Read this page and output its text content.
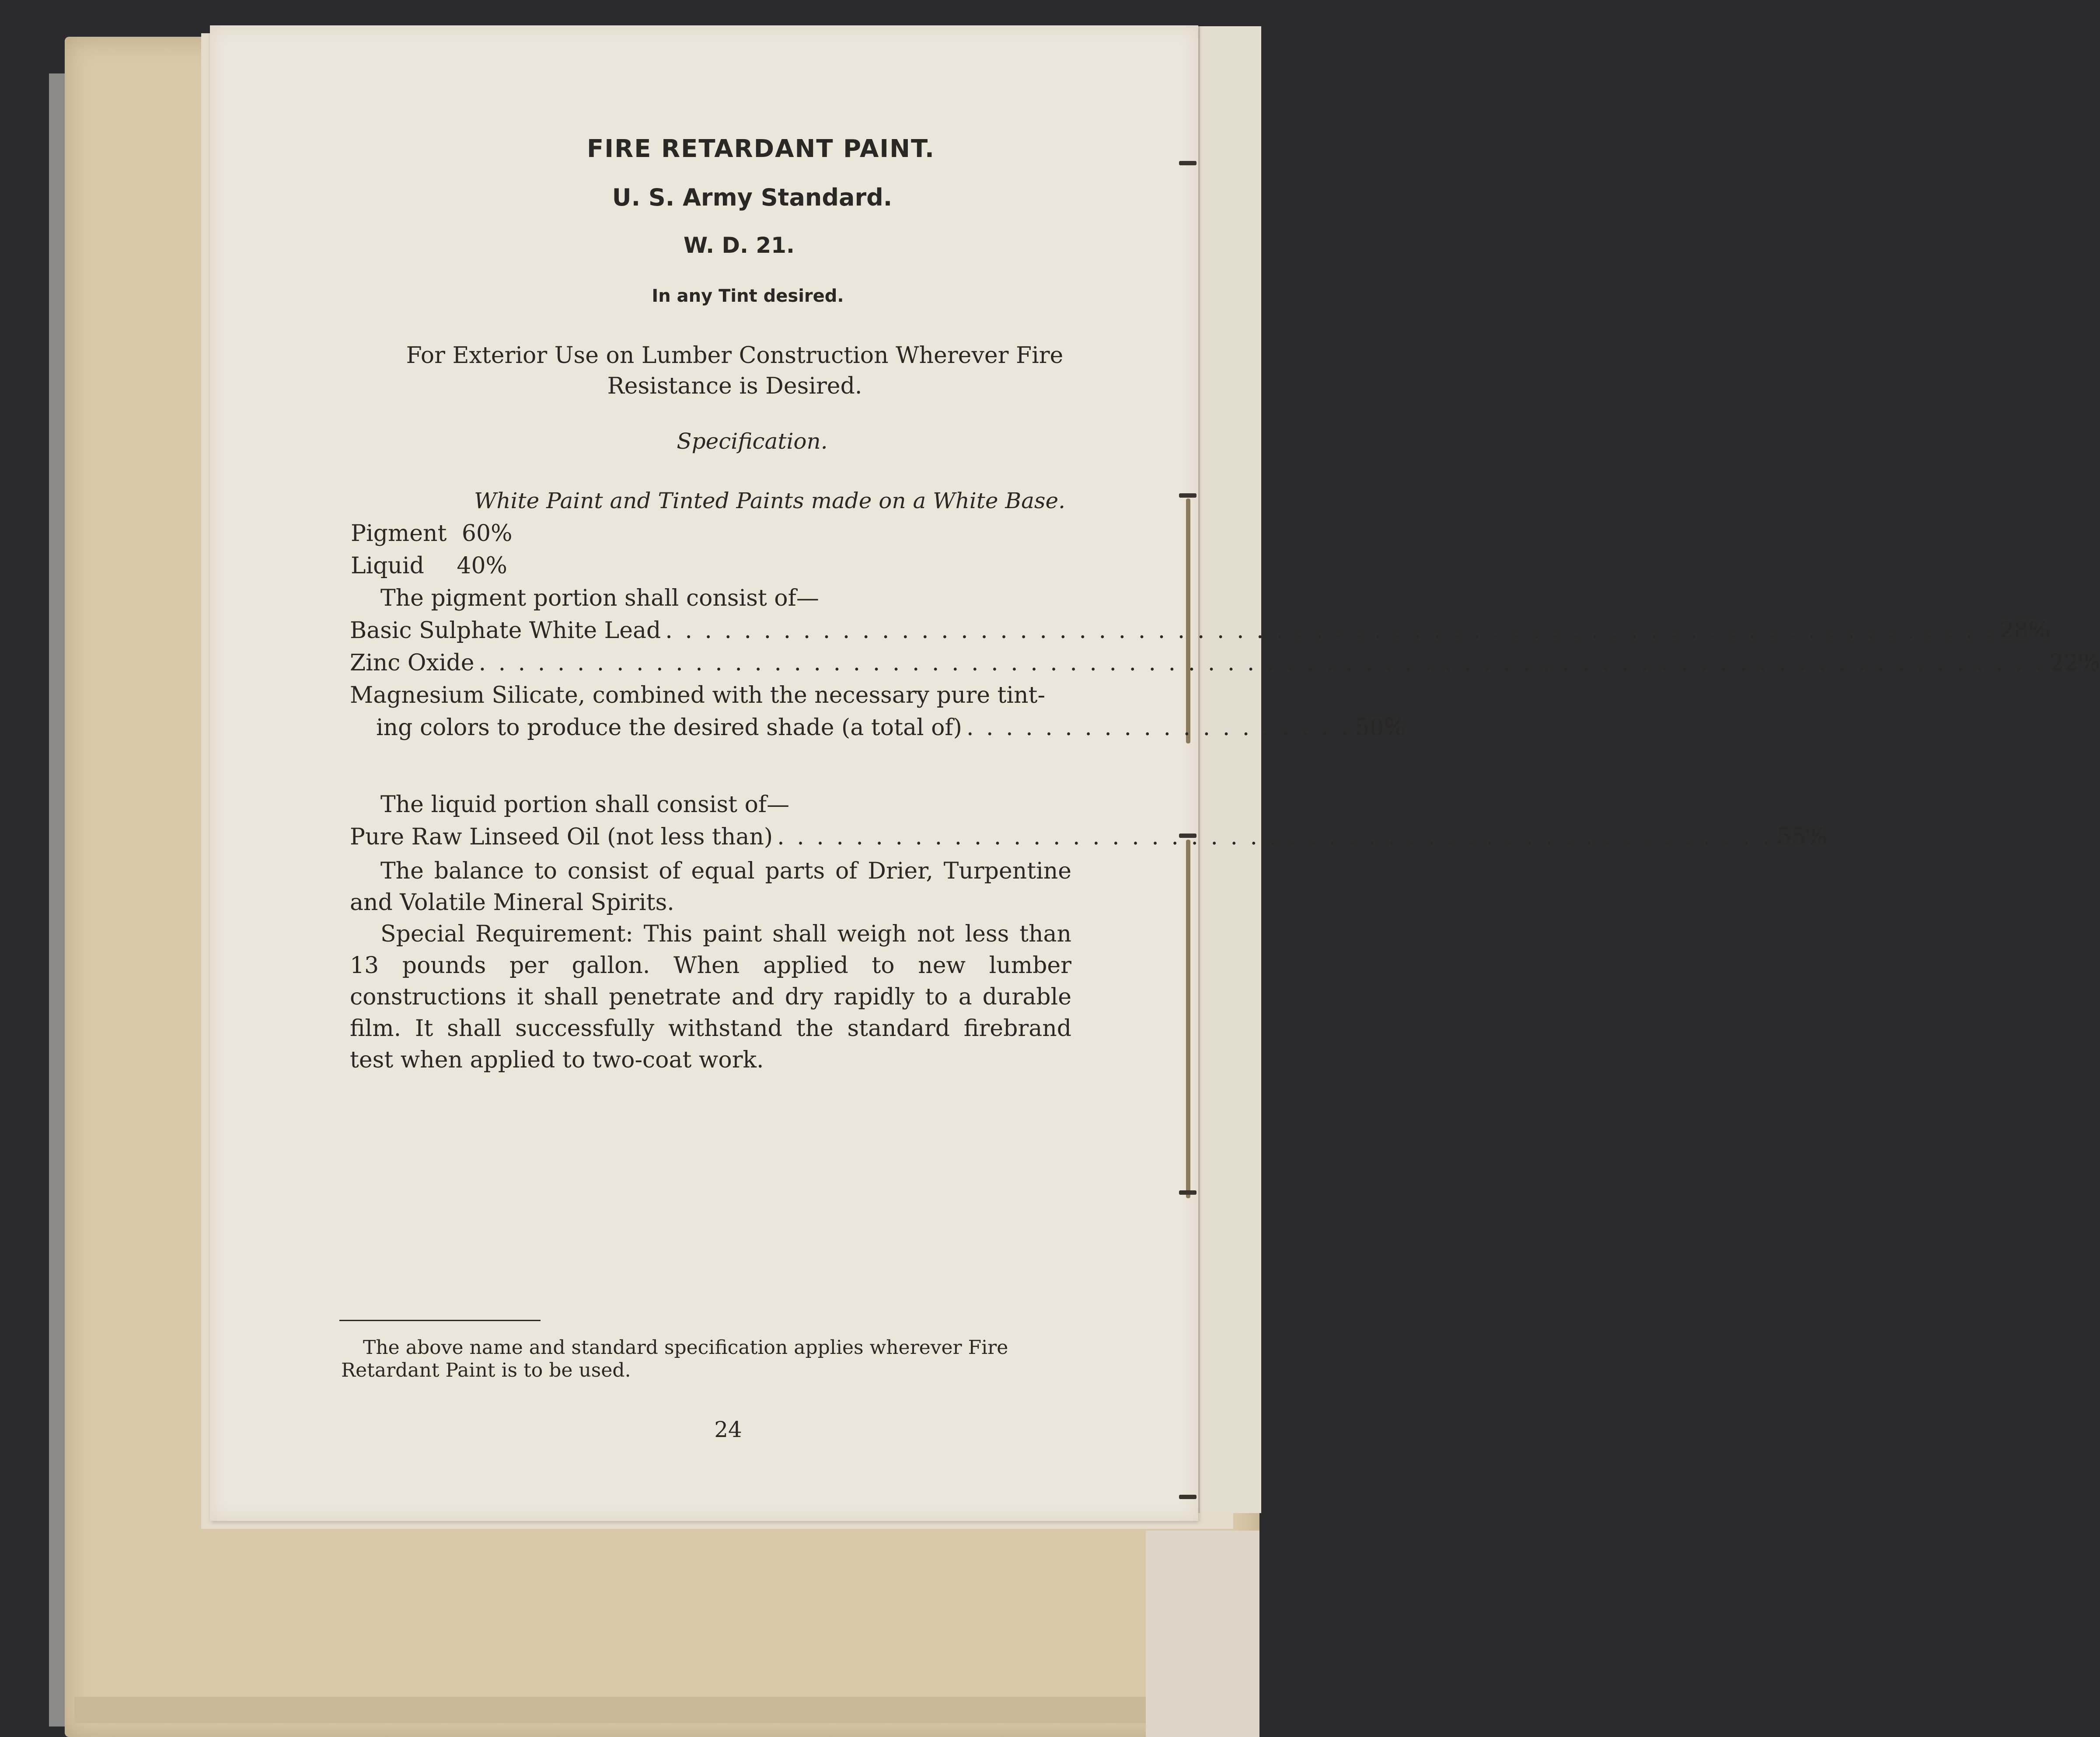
FIRE RETARDANT PAINT.
U. S. Army Standard.
W. D. 21.
In any Tint desired.
For Exterior Use on Lumber Construction Wherever Fire
Resistance is Desired.
Specification.
White Paint and Tinted Paints made on a White Base.
Pigment 60%
Liquid 40%
The pigment portion shall consist of—
Basic Sulphate White Lead . . . . . . . . . . . . . . . . . . . . . . . . . . . . . . . . . . . . . . . . . . . . . . . . . . . . . . . . . . . . . . . . . . . . 28%
Zinc Oxide . . . . . . . . . . . . . . . . . . . . . . . . . . . . . . . . . . . . . . . . . . . . . . . . . . . . . . . . . . . . . . . . . . . . . . . . . . . . . . . . 22%
Magnesium Silicate, combined with the necessary pure tint-
ing colors to produce the desired shade (a total of) . . . . . . . . . . . . . . . . . . . . 50%
The liquid portion shall consist of—
Pure Raw Linseed Oil (not less than) . . . . . . . . . . . . . . . . . . . . . . . . . . . . . . . . . . . . . . . . . . . . . . . . . . . 55%
The balance to consist of equal parts of Drier, Turpentine and Volatile Mineral Spirits.
Special Requirement: This paint shall weigh not less than 13 pounds per gallon. When applied to new lumber constructions it shall penetrate and dry rapidly to a durable film. It shall successfully withstand the standard firebrand test when applied to two-coat work.
The above name and standard specification applies wherever Fire Retardant Paint is to be used.
24
